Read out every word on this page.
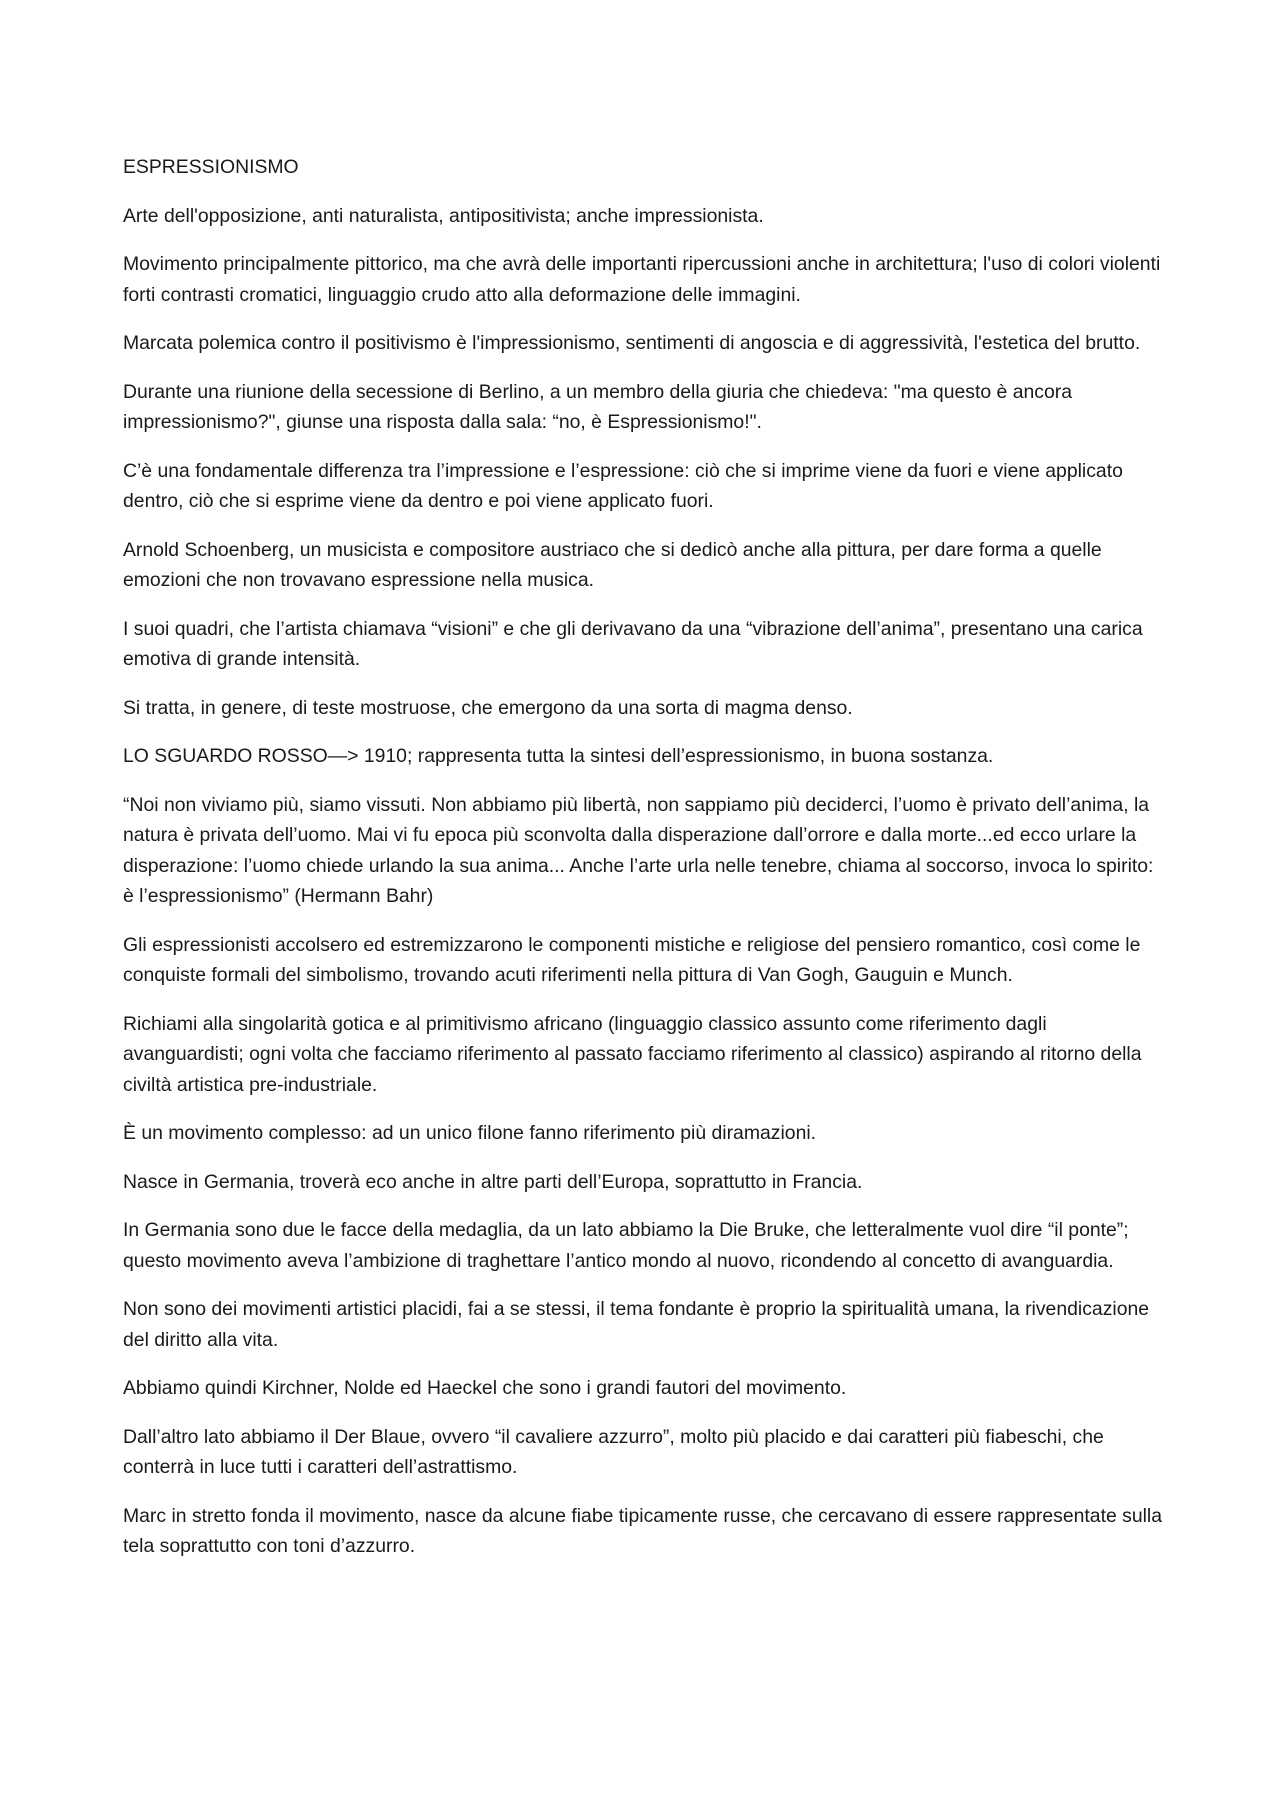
ESPRESSIONISMO

Arte dell'opposizione, anti naturalista, antipositivista; anche impressionista.

Movimento principalmente pittorico, ma che avrà delle importanti ripercussioni anche in architettura; l'uso di colori violenti forti contrasti cromatici, linguaggio crudo atto alla deformazione delle immagini.

Marcata polemica contro il positivismo è l'impressionismo, sentimenti di angoscia e di aggressività, l'estetica del brutto.

Durante una riunione della secessione di Berlino, a un membro della giuria che chiedeva: "ma questo è ancora impressionismo?", giunse una risposta dalla sala: “no, è Espressionismo!".

C’è una fondamentale differenza tra l’impressione e l’espressione: ciò che si imprime viene da fuori e viene applicato dentro, ciò che si esprime viene da dentro e poi viene applicato fuori.

Arnold Schoenberg, un musicista e compositore austriaco che si dedicò anche alla pittura, per dare forma a quelle emozioni che non trovavano espressione nella musica.

I suoi quadri, che l’artista chiamava “visioni” e che gli derivavano da una “vibrazione dell’anima”, presentano una carica emotiva di grande intensità.

Si tratta, in genere, di teste mostruose, che emergono da una sorta di magma denso.

LO SGUARDO ROSSO—> 1910; rappresenta tutta la sintesi dell’espressionismo, in buona sostanza.

“Noi non viviamo più, siamo vissuti. Non abbiamo più libertà, non sappiamo più deciderci, l’uomo è privato dell’anima, la natura è privata dell’uomo. Mai vi fu epoca più sconvolta dalla disperazione dall’orrore e dalla morte...ed ecco urlare la disperazione: l’uomo chiede urlando la sua anima... Anche l’arte urla nelle tenebre, chiama al soccorso, invoca lo spirito: è l’espressionismo” (Hermann Bahr)

Gli espressionisti accolsero ed estremizzarono le componenti mistiche e religiose del pensiero romantico, così come le conquiste formali del simbolismo, trovando acuti riferimenti nella pittura di Van Gogh, Gauguin e Munch.

Richiami alla singolarità gotica e al primitivismo africano (linguaggio classico assunto come riferimento dagli avanguardisti; ogni volta che facciamo riferimento al passato facciamo riferimento al classico) aspirando al ritorno della civiltà artistica pre-industriale.

È un movimento complesso: ad un unico filone fanno riferimento più diramazioni.

Nasce in Germania, troverà eco anche in altre parti dell’Europa, soprattutto in Francia.

In Germania sono due le facce della medaglia, da un lato abbiamo la Die Bruke, che letteralmente vuol dire “il ponte”; questo movimento aveva l’ambizione di traghettare l’antico mondo al nuovo, ricondendo al concetto di avanguardia.

Non sono dei movimenti artistici placidi, fai a se stessi, il tema fondante è proprio la spiritualità umana, la rivendicazione del diritto alla vita.

Abbiamo quindi Kirchner, Nolde ed Haeckel che sono i grandi fautori del movimento.

Dall’altro lato abbiamo il Der Blaue, ovvero “il cavaliere azzurro”, molto più placido e dai caratteri più fiabeschi, che conterrà in luce tutti i caratteri dell’astrattismo.

Marc in stretto fonda il movimento, nasce da alcune fiabe tipicamente russe, che cercavano di essere rappresentate sulla tela soprattutto con toni d’azzurro.
